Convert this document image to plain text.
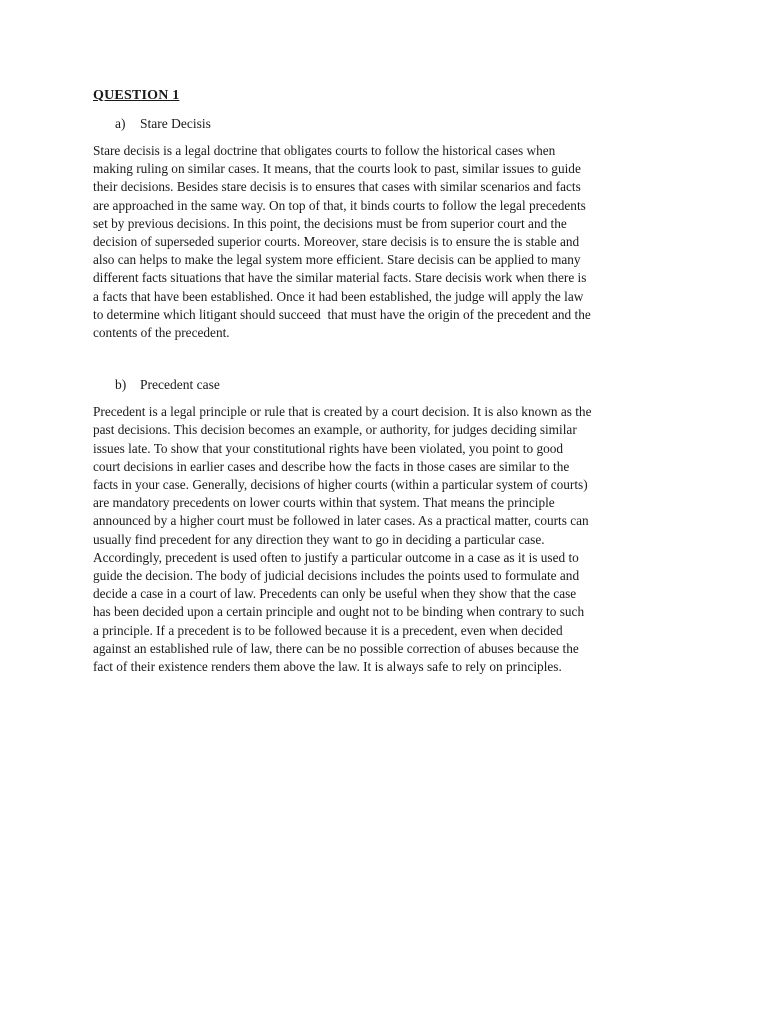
QUESTION 1
a)	Stare Decisis
Stare decisis is a legal doctrine that obligates courts to follow the historical cases when
making ruling on similar cases. It means, that the courts look to past, similar issues to guide
their decisions. Besides stare decisis is to ensures that cases with similar scenarios and facts
are approached in the same way. On top of that, it binds courts to follow the legal precedents
set by previous decisions. In this point, the decisions must be from superior court and the
decision of superseded superior courts. Moreover, stare decisis is to ensure the is stable and
also can helps to make the legal system more efficient. Stare decisis can be applied to many
different facts situations that have the similar material facts. Stare decisis work when there is
a facts that have been established. Once it had been established, the judge will apply the law
to determine which litigant should succeed  that must have the origin of the precedent and the
contents of the precedent.
b)	Precedent case
Precedent is a legal principle or rule that is created by a court decision. It is also known as the
past decisions. This decision becomes an example, or authority, for judges deciding similar
issues late. To show that your constitutional rights have been violated, you point to good
court decisions in earlier cases and describe how the facts in those cases are similar to the
facts in your case. Generally, decisions of higher courts (within a particular system of courts)
are mandatory precedents on lower courts within that system. That means the principle
announced by a higher court must be followed in later cases. As a practical matter, courts can
usually find precedent for any direction they want to go in deciding a particular case.
Accordingly, precedent is used often to justify a particular outcome in a case as it is used to
guide the decision. The body of judicial decisions includes the points used to formulate and
decide a case in a court of law. Precedents can only be useful when they show that the case
has been decided upon a certain principle and ought not to be binding when contrary to such
a principle. If a precedent is to be followed because it is a precedent, even when decided
against an established rule of law, there can be no possible correction of abuses because the
fact of their existence renders them above the law. It is always safe to rely on principles.
